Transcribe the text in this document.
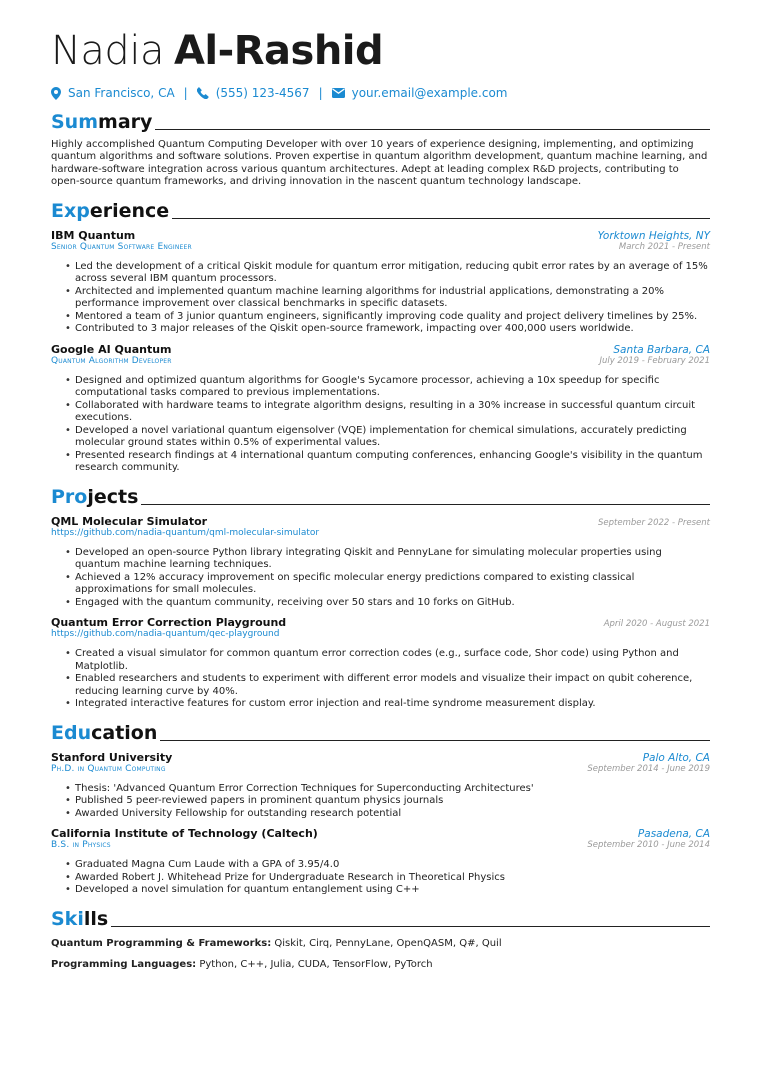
Nadia Al-Rashid
San Francisco, CA | (555) 123-4567 | your.email@example.com
Summary
Highly accomplished Quantum Computing Developer with over 10 years of experience designing, implementing, and optimizing quantum algorithms and software solutions. Proven expertise in quantum algorithm development, quantum machine learning, and hardware-software integration across various quantum architectures. Adept at leading complex R&D projects, contributing to open-source quantum frameworks, and driving innovation in the nascent quantum technology landscape.
Experience
IBM Quantum	Yorktown Heights, NY
Senior Quantum Software Engineer	March 2021 - Present
• Led the development of a critical Qiskit module for quantum error mitigation, reducing qubit error rates by an average of 15% across several IBM quantum processors.
• Architected and implemented quantum machine learning algorithms for industrial applications, demonstrating a 20% performance improvement over classical benchmarks in specific datasets.
• Mentored a team of 3 junior quantum engineers, significantly improving code quality and project delivery timelines by 25%.
• Contributed to 3 major releases of the Qiskit open-source framework, impacting over 400,000 users worldwide.
Google AI Quantum	Santa Barbara, CA
Quantum Algorithm Developer	July 2019 - February 2021
• Designed and optimized quantum algorithms for Google's Sycamore processor, achieving a 10x speedup for specific computational tasks compared to previous implementations.
• Collaborated with hardware teams to integrate algorithm designs, resulting in a 30% increase in successful quantum circuit executions.
• Developed a novel variational quantum eigensolver (VQE) implementation for chemical simulations, accurately predicting molecular ground states within 0.5% of experimental values.
• Presented research findings at 4 international quantum computing conferences, enhancing Google's visibility in the quantum research community.
Projects
QML Molecular Simulator	September 2022 - Present
https://github.com/nadia-quantum/qml-molecular-simulator
• Developed an open-source Python library integrating Qiskit and PennyLane for simulating molecular properties using quantum machine learning techniques.
• Achieved a 12% accuracy improvement on specific molecular energy predictions compared to existing classical approximations for small molecules.
• Engaged with the quantum community, receiving over 50 stars and 10 forks on GitHub.
Quantum Error Correction Playground	April 2020 - August 2021
https://github.com/nadia-quantum/qec-playground
• Created a visual simulator for common quantum error correction codes (e.g., surface code, Shor code) using Python and Matplotlib.
• Enabled researchers and students to experiment with different error models and visualize their impact on qubit coherence, reducing learning curve by 40%.
• Integrated interactive features for custom error injection and real-time syndrome measurement display.
Education
Stanford University	Palo Alto, CA
Ph.D. in Quantum Computing	September 2014 - June 2019
• Thesis: 'Advanced Quantum Error Correction Techniques for Superconducting Architectures'
• Published 5 peer-reviewed papers in prominent quantum physics journals
• Awarded University Fellowship for outstanding research potential
California Institute of Technology (Caltech)	Pasadena, CA
B.S. in Physics	September 2010 - June 2014
• Graduated Magna Cum Laude with a GPA of 3.95/4.0
• Awarded Robert J. Whitehead Prize for Undergraduate Research in Theoretical Physics
• Developed a novel simulation for quantum entanglement using C++
Skills
Quantum Programming & Frameworks: Qiskit, Cirq, PennyLane, OpenQASM, Q#, Quil
Programming Languages: Python, C++, Julia, CUDA, TensorFlow, PyTorch
